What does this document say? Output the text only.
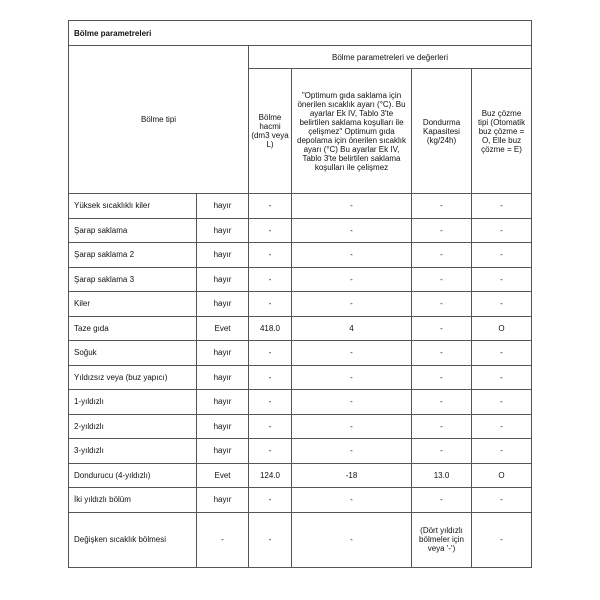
Bölme parametreleri					
Bölme tipi		Bölme parametreleri ve değerleri			
		Bölme hacmi (dm3 veya L)	"Optimum gıda saklama için önerilen sıcaklık ayarı (°C). Bu ayarlar Ek IV, Tablo 3'te belirtilen saklama koşulları ile çelişmez" Optimum gıda depolama için önerilen sıcaklık ayarı (°C) Bu ayarlar Ek IV, Tablo 3'te belirtilen saklama koşulları ile çelişmez	Dondurma Kapasitesi (kg/24h)	Buz çözme tipi (Otomatik buz çözme = O, Elle buz çözme = E)
Yüksek sıcaklıklı kiler	hayır	-	-	-	-
Şarap saklama	hayır	-	-	-	-
Şarap saklama 2	hayır	-	-	-	-
Şarap saklama 3	hayır	-	-	-	-
Kiler	hayır	-	-	-	-
Taze gıda	Evet	418.0	4	-	O
Soğuk	hayır	-	-	-	-
Yıldızsız veya (buz yapıcı)	hayır	-	-	-	-
1-yıldızlı	hayır	-	-	-	-
2-yıldızlı	hayır	-	-	-	-
3-yıldızlı	hayır	-	-	-	-
Dondurucu (4-yıldızlı)	Evet	124.0	-18	13.0	O
İki yıldızlı bölüm	hayır	-	-	-	-
Değişken sıcaklık bölmesi	-	-	-	(Dört yıldızlı bölmeler için veya '-')	-
